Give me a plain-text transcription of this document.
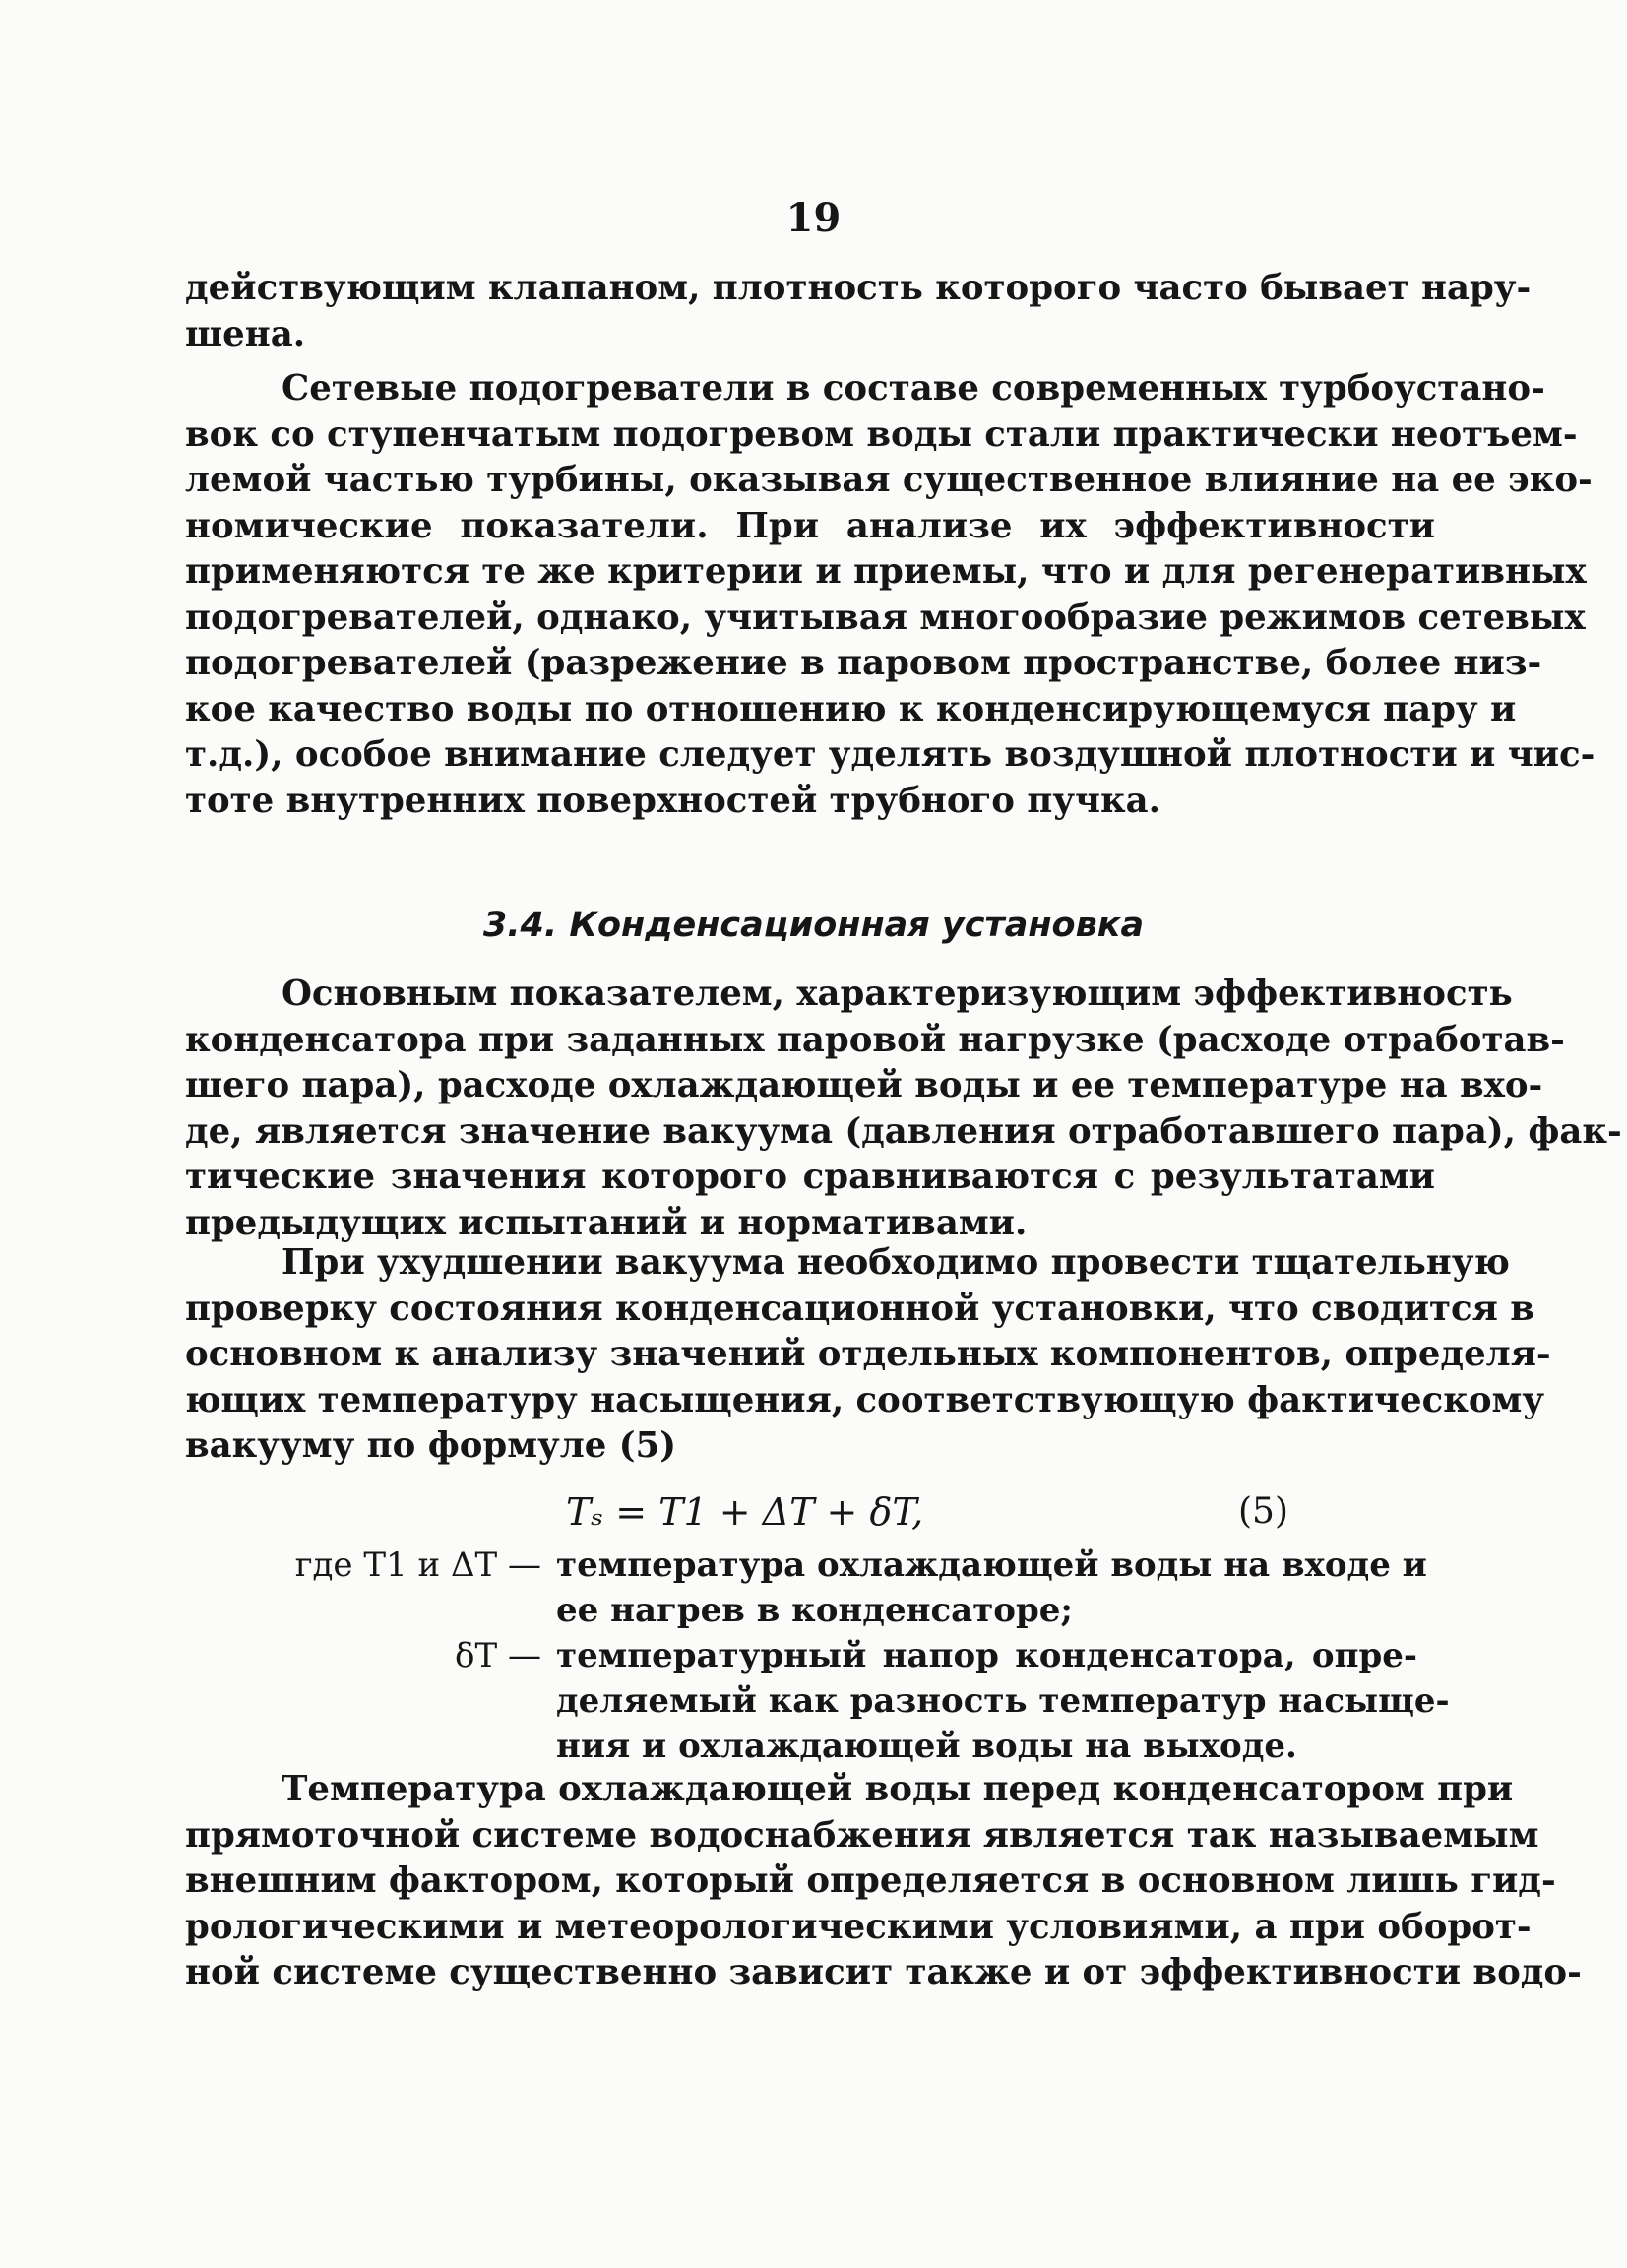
19
действующим клапаном, плотность которого часто бывает нару-
шена.
Сетевые подогреватели в составе современных турбоустано-
вок со ступенчатым подогревом воды стали практически неотъем-
лемой частью турбины, оказывая существенное влияние на ее эко-
номические показатели. При анализе их эффективности
применяются те же критерии и приемы, что и для регенеративных
подогревателей, однако, учитывая многообразие режимов сетевых
подогревателей (разрежение в паровом пространстве, более низ-
кое качество воды по отношению к конденсирующемуся пару и
т.д.), особое внимание следует уделять воздушной плотности и чис-
тоте внутренних поверхностей трубного пучка.
3.4. Конденсационная установка
Основным показателем, характеризующим эффективность
конденсатора при заданных паровой нагрузке (расходе отработав-
шего пара), расходе охлаждающей воды и ее температуре на вхо-
де, является значение вакуума (давления отработавшего пара), фак-
тические значения которого сравниваются с результатами
предыдущих испытаний и нормативами.
При ухудшении вакуума необходимо провести тщательную
проверку состояния конденсационной установки, что сводится в
основном к анализу значений отдельных компонентов, определя-
ющих температуру насыщения, соответствующую фактическому
вакууму по формуле (5)
Tₛ = T1 + ΔT + δT,	(5)
где T1 и ΔT — температура охлаждающей воды на входе и
ее нагрев в конденсаторе;
δT — температурный напор конденсатора, опре-
деляемый как разность температур насыще-
ния и охлаждающей воды на выходе.
Температура охлаждающей воды перед конденсатором при
прямоточной системе водоснабжения является так называемым
внешним фактором, который определяется в основном лишь гид-
рологическими и метеорологическими условиями, а при оборот-
ной системе существенно зависит также и от эффективности водо-
